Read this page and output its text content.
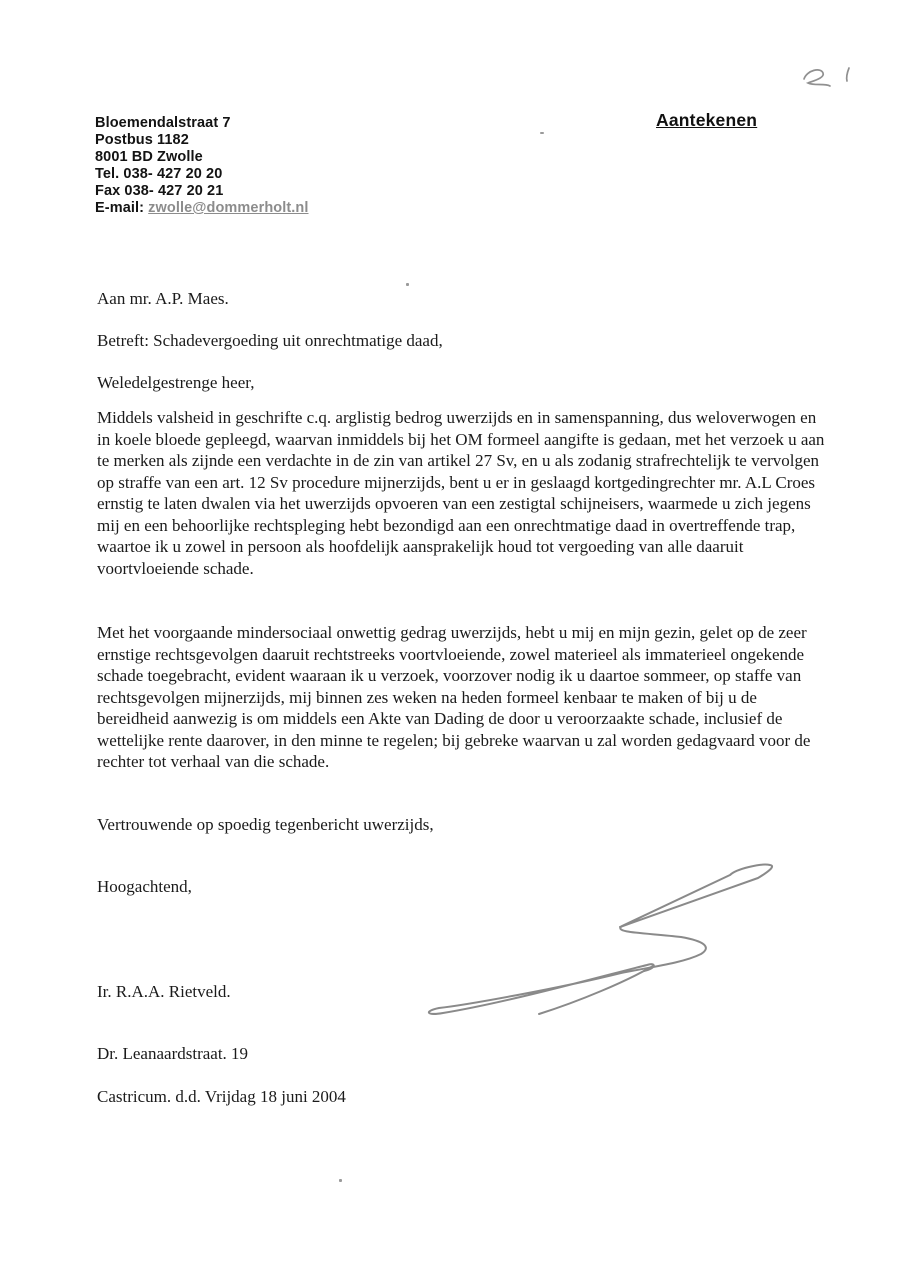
Bloemendalstraat 7
Postbus 1182
8001 BD Zwolle
Tel. 038- 427 20 20
Fax 038- 427 20 21
E-mail: zwolle@dommerholt.nl
Aantekenen
Aan mr. A.P. Maes.
Betreft: Schadevergoeding uit onrechtmatige daad,
Weledelgestrenge heer,

Middels valsheid in geschrifte c.q. arglistig bedrog uwerzijds en in samenspanning, dus weloverwogen en in koele bloede gepleegd, waarvan inmiddels bij het OM formeel aangifte is gedaan, met het verzoek u aan te merken als zijnde een verdachte in de zin van artikel 27 Sv, en u als zodanig strafrechtelijk te vervolgen op straffe van een art. 12 Sv procedure mijnerzijds, bent u er in geslaagd kortgedingrechter mr. A.L Croes ernstig te laten dwalen via het uwerzijds opvoeren van een zestigtal schijneisers, waarmede u zich jegens mij en een behoorlijke rechtspleging hebt bezondigd aan een onrechtmatige daad in overtreffende trap, waartoe ik u zowel in persoon als hoofdelijk aansprakelijk houd tot vergoeding van alle daaruit voortvloeiende schade.

Met het voorgaande mindersociaal onwettig gedrag uwerzijds, hebt u mij en mijn gezin, gelet op de zeer ernstige rechtsgevolgen daaruit rechtstreeks voortvloeiende, zowel materieel als immaterieel ongekende schade toegebracht, evident waaraan ik u verzoek, voorzover nodig ik u daartoe sommeer, op staffe van rechtsgevolgen mijnerzijds, mij binnen zes weken na heden formeel kenbaar te maken of bij u de bereidheid aanwezig is om middels een Akte van Dading de door u veroorzaakte schade, inclusief de wettelijke rente daarover, in den minne te regelen; bij gebreke waarvan u zal worden gedagvaard voor de rechter tot verhaal van die schade.

Vertrouwende op spoedig tegenbericht uwerzijds,
Hoogachtend,
Ir. R.A.A. Rietveld.
Dr. Leanaardstraat. 19
Castricum. d.d. Vrijdag 18 juni 2004
